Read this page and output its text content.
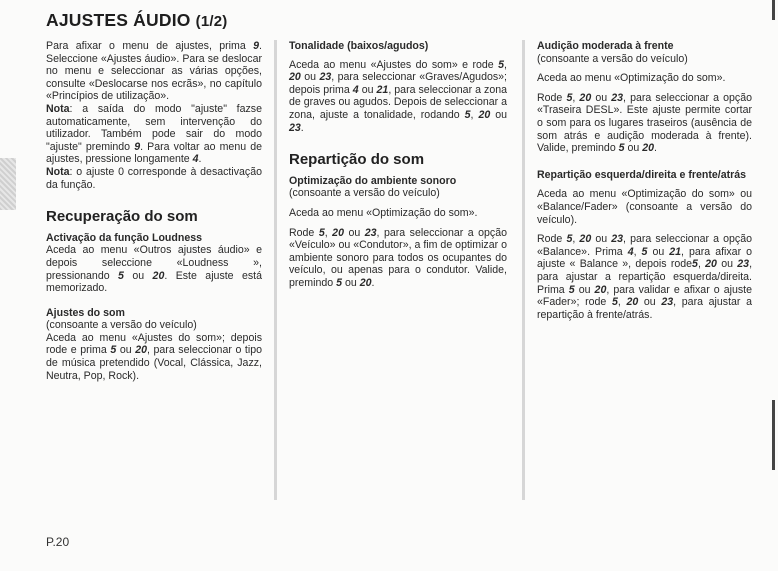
AJUSTES ÁUDIO (1/2)

Para afixar o menu de ajustes, prima 9. Seleccione «Ajustes áudio». Para se deslocar no menu e seleccionar as várias opções, consulte «Deslocarse nos ecrãs», no capítulo «Princípios de utilização».

Nota: a saída do modo "ajuste" fazse automaticamente, sem intervenção do utilizador. Também pode sair do modo "ajuste" premindo 9. Para voltar ao menu de ajustes, pressione longamente 4.

Nota: o ajuste 0 corresponde à desactivação da função.

Recuperação do som

Activação da função Loudness

Aceda ao menu «Outros ajustes áudio» e depois seleccione «Loudness », pressionando 5 ou 20. Este ajuste está memorizado.

Ajustes do som

(consoante a versão do veículo)

Aceda ao menu «Ajustes do som»; depois rode e prima 5 ou 20, para seleccionar o tipo de música pretendido (Vocal, Clássica, Jazz, Neutra, Pop, Rock).

Tonalidade (baixos/agudos)

Aceda ao menu «Ajustes do som» e rode 5, 20 ou 23, para seleccionar «Graves/Agudos»; depois prima 4 ou 21, para seleccionar a zona de graves ou agudos. Depois de seleccionar a zona, ajuste a tonalidade, rodando 5, 20 ou 23.

Repartição do som

Optimização do ambiente sonoro

(consoante a versão do veículo)

Aceda ao menu «Optimização do som».

Rode 5, 20 ou 23, para seleccionar a opção «Veículo» ou «Condutor», a fim de optimizar o ambiente sonoro para todos os ocupantes do veículo, ou apenas para o condutor. Valide, premindo 5 ou 20.

Audição moderada à frente

(consoante a versão do veículo)

Aceda ao menu «Optimização do som».

Rode 5, 20 ou 23, para seleccionar a opção «Traseira DESL». Este ajuste permite cortar o som para os lugares traseiros (ausência de som atrás e audição moderada à frente). Valide, premindo 5 ou 20.

Repartição esquerda/direita e frente/atrás

Aceda ao menu «Optimização do som» ou «Balance/Fader» (consoante a versão do veículo).

Rode 5, 20 ou 23, para seleccionar a opção «Balance». Prima 4, 5 ou 21, para afixar o ajuste « Balance », depois rode5, 20 ou 23, para ajustar a repartição esquerda/direita. Prima 5 ou 20, para validar e afixar o ajuste «Fader»; rode 5, 20 ou 23, para ajustar a repartição à frente/atrás.

P.20
